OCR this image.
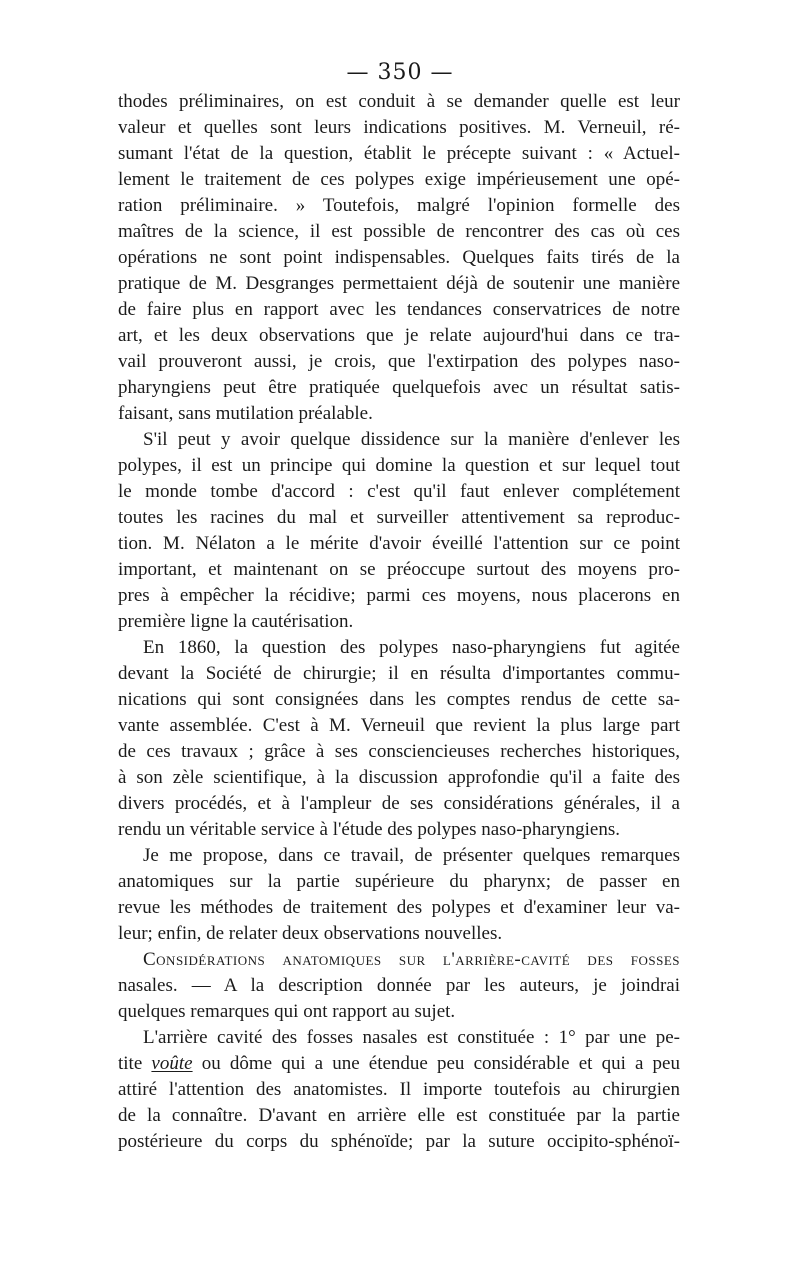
— 350 —
thodes préliminaires, on est conduit à se demander quelle est leur
valeur et quelles sont leurs indications positives. M. Verneuil, ré-
sumant l'état de la question, établit le précepte suivant : « Actuel-
lement le traitement de ces polypes exige impérieusement une opé-
ration préliminaire. » Toutefois, malgré l'opinion formelle des
maîtres de la science, il est possible de rencontrer des cas où ces
opérations ne sont point indispensables. Quelques faits tirés de la
pratique de M. Desgranges permettaient déjà de soutenir une manière
de faire plus en rapport avec les tendances conservatrices de notre
art, et les deux observations que je relate aujourd'hui dans ce tra-
vail prouveront aussi, je crois, que l'extirpation des polypes naso-
pharyngiens peut être pratiquée quelquefois avec un résultat satis-
faisant, sans mutilation préalable.
S'il peut y avoir quelque dissidence sur la manière d'enlever les
polypes, il est un principe qui domine la question et sur lequel tout
le monde tombe d'accord : c'est qu'il faut enlever complétement
toutes les racines du mal et surveiller attentivement sa reproduc-
tion. M. Nélaton a le mérite d'avoir éveillé l'attention sur ce point
important, et maintenant on se préoccupe surtout des moyens pro-
pres à empêcher la récidive; parmi ces moyens, nous placerons en
première ligne la cautérisation.
En 1860, la question des polypes naso-pharyngiens fut agitée
devant la Société de chirurgie; il en résulta d'importantes commu-
nications qui sont consignées dans les comptes rendus de cette sa-
vante assemblée. C'est à M. Verneuil que revient la plus large part
de ces travaux ; grâce à ses consciencieuses recherches historiques,
à son zèle scientifique, à la discussion approfondie qu'il a faite des
divers procédés, et à l'ampleur de ses considérations générales, il a
rendu un véritable service à l'étude des polypes naso-pharyngiens.
Je me propose, dans ce travail, de présenter quelques remarques
anatomiques sur la partie supérieure du pharynx; de passer en
revue les méthodes de traitement des polypes et d'examiner leur va-
leur; enfin, de relater deux observations nouvelles.
Considérations anatomiques sur l'arrière-cavité des fosses
nasales. — A la description donnée par les auteurs, je joindrai
quelques remarques qui ont rapport au sujet.
L'arrière cavité des fosses nasales est constituée : 1° par une pe-
tite voûte ou dôme qui a une étendue peu considérable et qui a peu
attiré l'attention des anatomistes. Il importe toutefois au chirurgien
de la connaître. D'avant en arrière elle est constituée par la partie
postérieure du corps du sphénoïde; par la suture occipito-sphénoï-
